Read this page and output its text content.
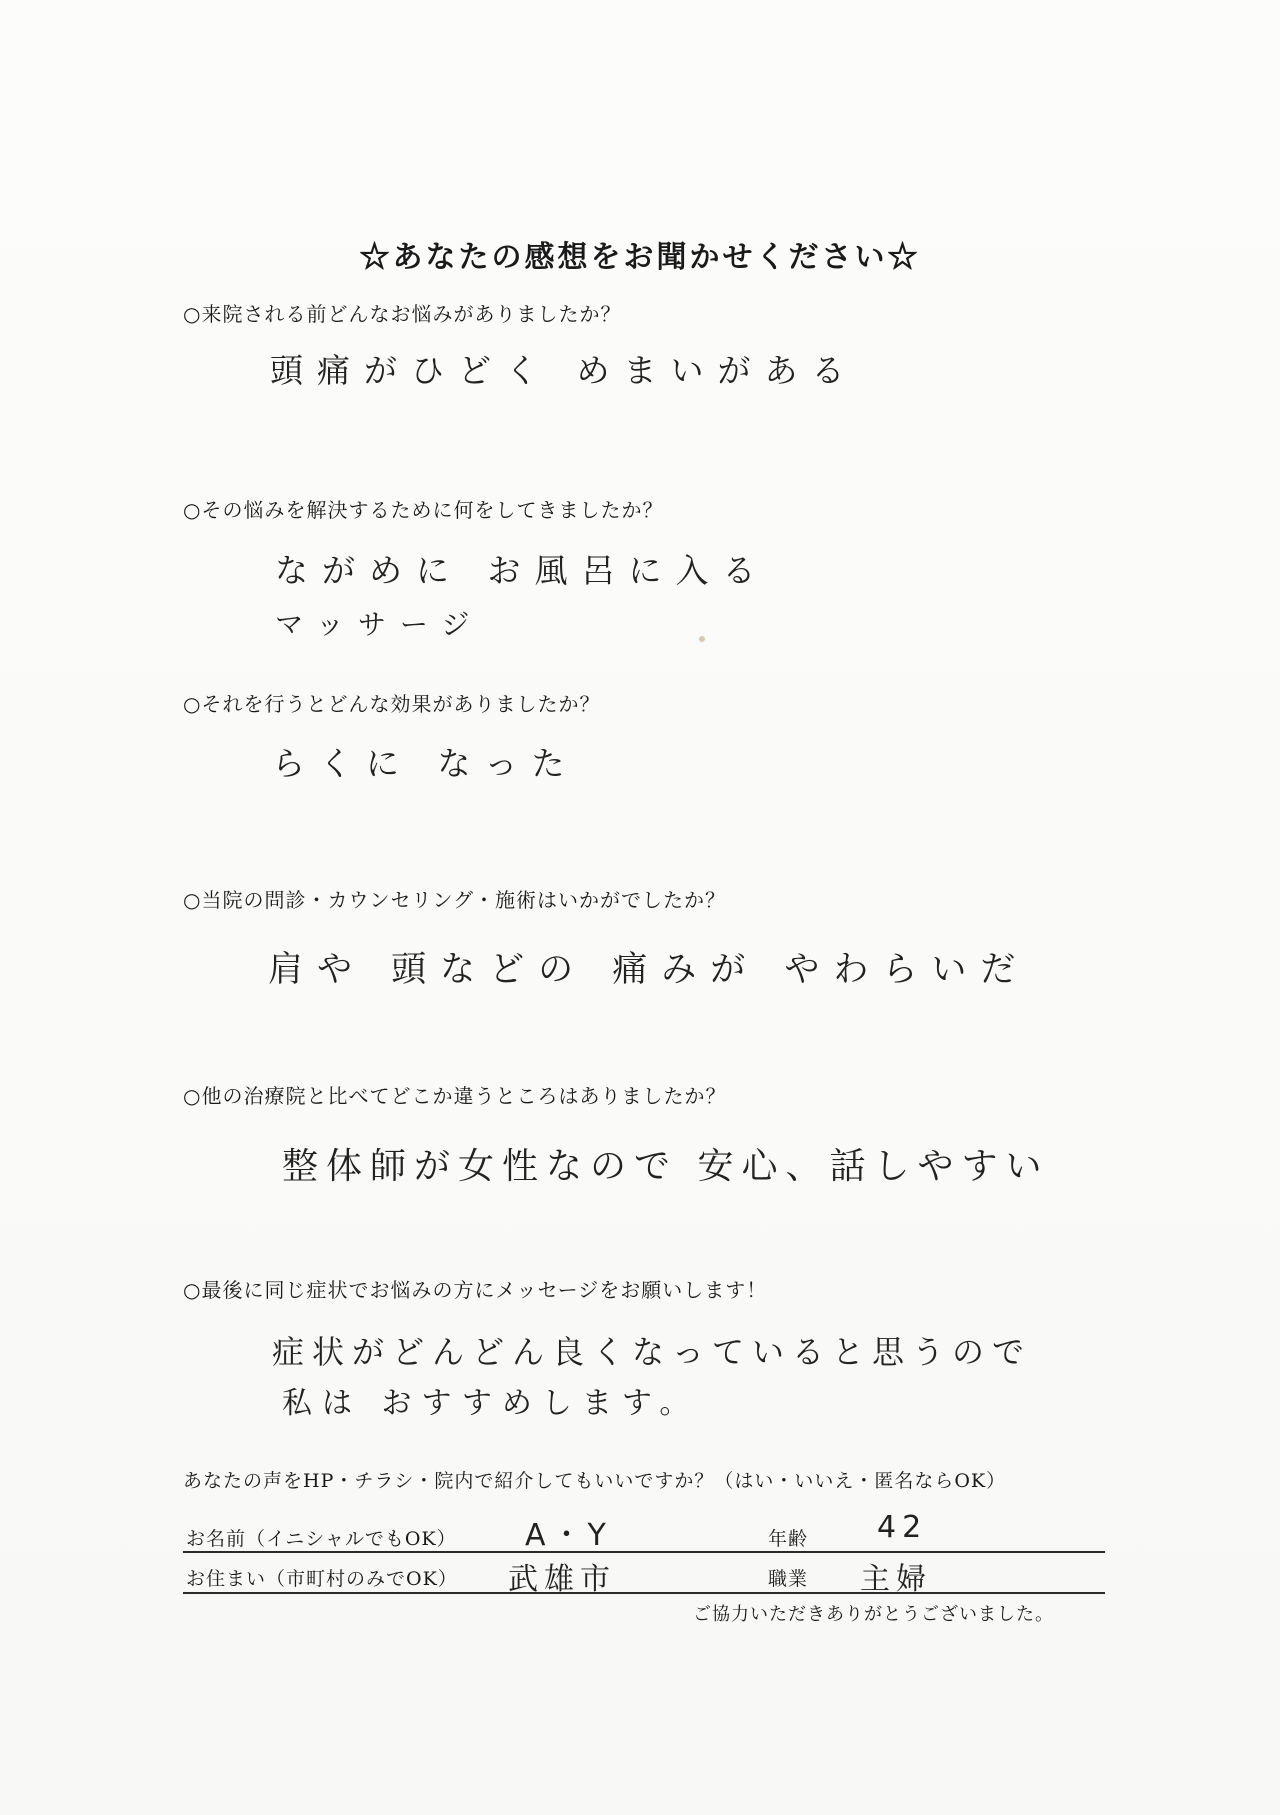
☆あなたの感想をお聞かせください☆
○来院される前どんなお悩みがありましたか？
頭痛がひどく めまいがある
○その悩みを解決するために何をしてきましたか？
ながめに お風呂に入る
マッサージ
○それを行うとどんな効果がありましたか？
らくに なった
○当院の問診・カウンセリング・施術はいかがでしたか？
肩や 頭などの 痛みが やわらいだ
○他の治療院と比べてどこか違うところはありましたか？
整体師が女性なので 安心、話しやすい
○最後に同じ症状でお悩みの方にメッセージをお願いします！
症状がどんどん良くなっていると思うので
私は おすすめします。
あなたの声をHP・チラシ・院内で紹介してもいいですか？（はい・いいえ・匿名ならOK）
お名前（イニシャルでもOK） A・Y	年齢 42
お住まい（市町村のみでOK） 武雄市	職業 主婦
ご協力いただきありがとうございました。
